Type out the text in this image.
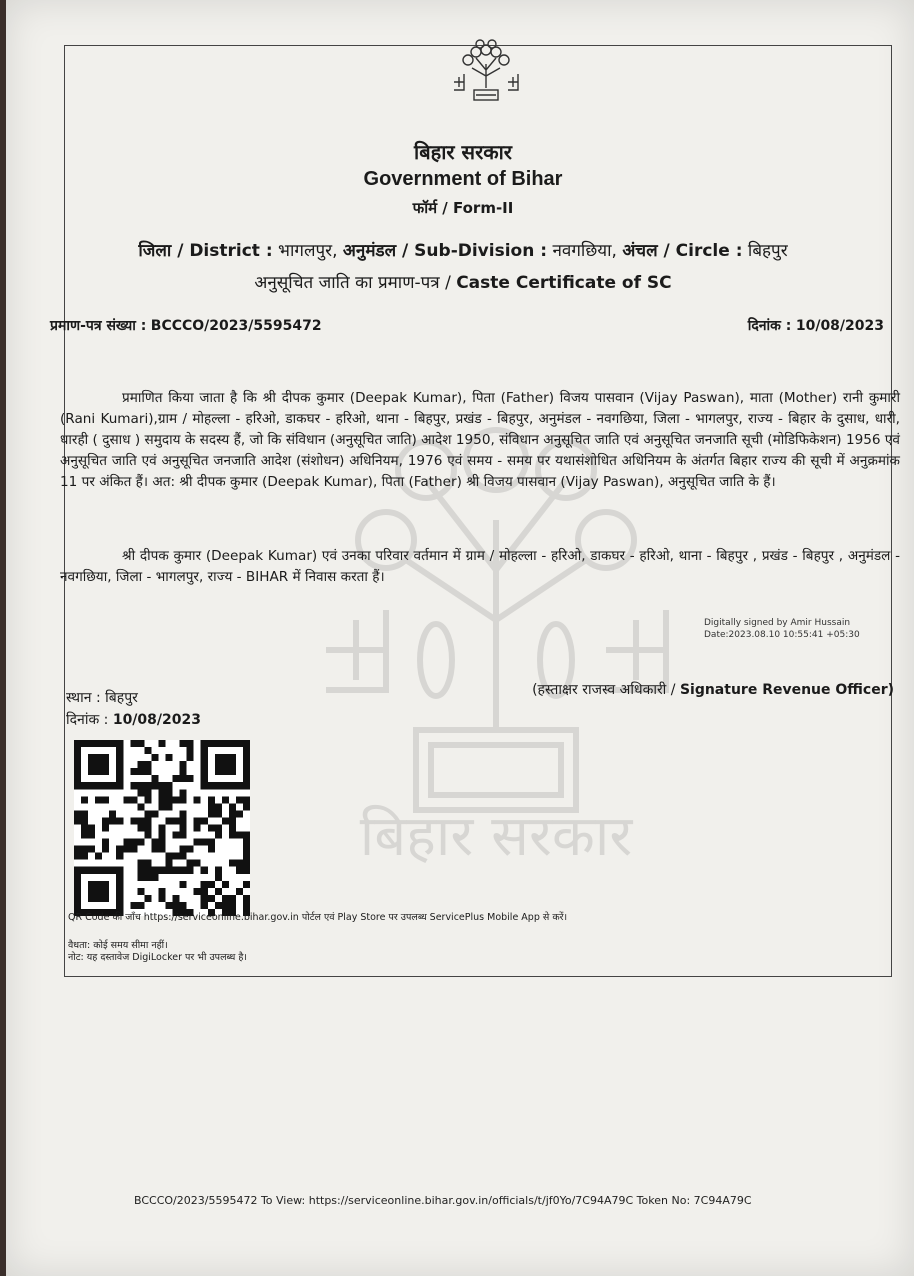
बिहार सरकार
बिहार सरकार
Government of Bihar
फॉर्म / Form-II
जिला / District : भागलपुर, अनुमंडल / Sub-Division : नवगछिया, अंचल / Circle : बिहपुर
अनुसूचित जाति का प्रमाण-पत्र / Caste Certificate of SC
प्रमाण-पत्र संख्या : BCCCO/2023/5595472	दिनांक : 10/08/2023
प्रमाणित किया जाता है कि श्री दीपक कुमार (Deepak Kumar), पिता (Father) विजय पासवान (Vijay Paswan), माता (Mother) रानी कुमारी (Rani Kumari),ग्राम / मोहल्ला - हरिओ, डाकघर - हरिओ, थाना - बिहपुर, प्रखंड - बिहपुर, अनुमंडल - नवगछिया, जिला - भागलपुर, राज्य - बिहार के दुसाध, धारी, धारही ( दुसाध ) समुदाय के सदस्य हैं, जो कि संविधान (अनुसूचित जाति) आदेश 1950, संविधान अनुसूचित जाति एवं अनुसूचित जनजाति सूची (मोडिफिकेशन) 1956 एवं अनुसूचित जाति एवं अनुसूचित जनजाति आदेश (संशोधन) अधिनियम, 1976 एवं समय - समय पर यथासंशोधित अधिनियम के अंतर्गत बिहार राज्य की सूची में अनुक्रमांक 11 पर अंकित हैं। अत: श्री दीपक कुमार (Deepak Kumar), पिता (Father) श्री विजय पासवान (Vijay Paswan), अनुसूचित जाति के हैं।
श्री दीपक कुमार (Deepak Kumar) एवं उनका परिवार वर्तमान में ग्राम / मोहल्ला - हरिओ, डाकघर - हरिओ, थाना - बिहपुर , प्रखंड - बिहपुर , अनुमंडल - नवगछिया, जिला - भागलपुर, राज्य - BIHAR में निवास करता हैं।
Digitally signed by Amir Hussain
Date:2023.08.10 10:55:41 +05:30
स्थान : बिहपुर
दिनांक : 10/08/2023
(हस्ताक्षर राजस्व अधिकारी / Signature Revenue Officer)
QR Code की जाँच https://serviceonline.bihar.gov.in पोर्टल एवं Play Store पर उपलब्ध ServicePlus Mobile App से करें।
वैधता: कोई समय सीमा नहीं।
नोट: यह दस्तावेज DigiLocker पर भी उपलब्ध है।
BCCCO/2023/5595472 To View: https://serviceonline.bihar.gov.in/officials/t/jf0Yo/7C94A79C Token No: 7C94A79C
